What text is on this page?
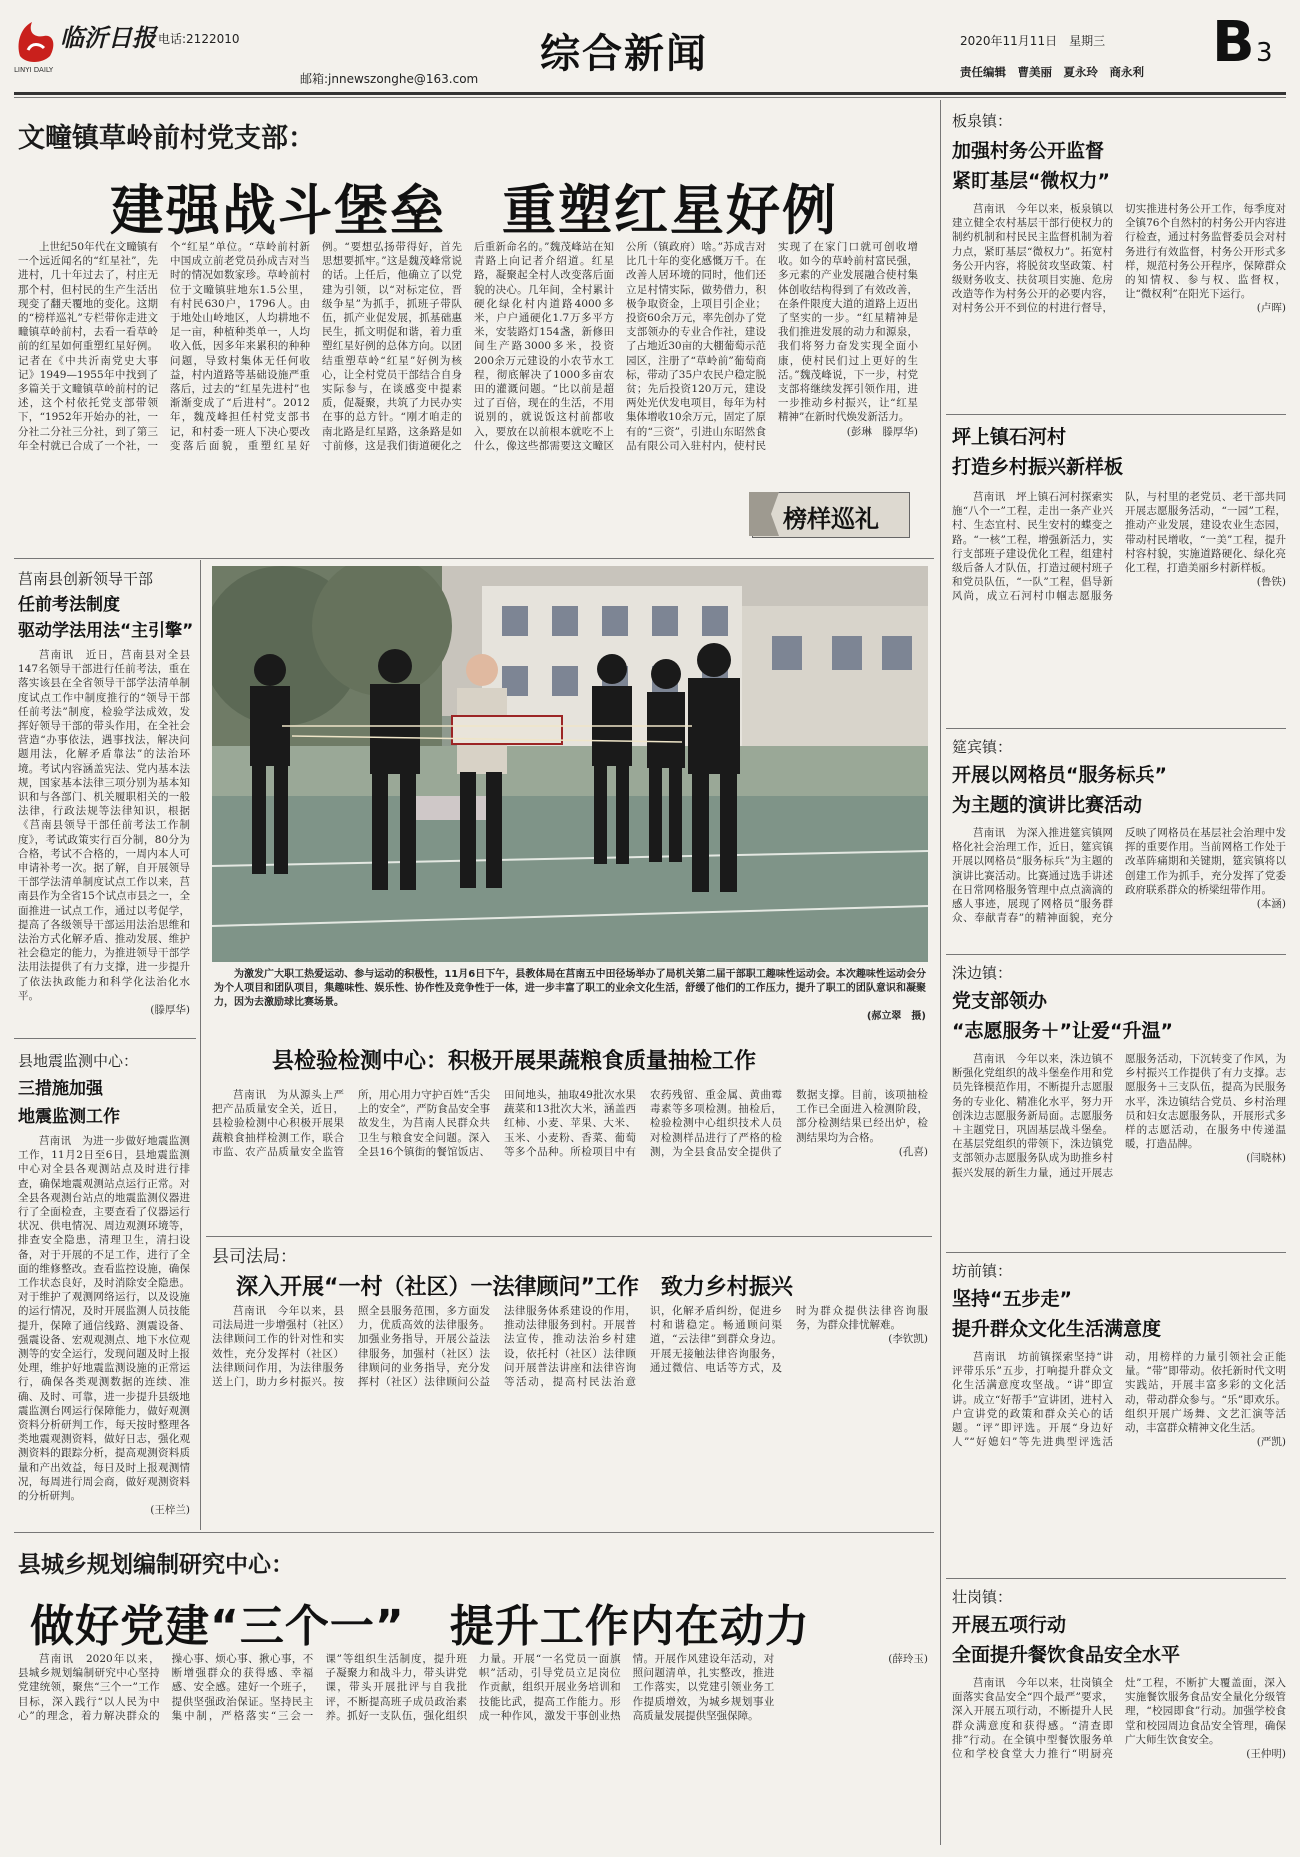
临沂日报
LINYI DAILY
电话:2122010
邮箱:jnnewszonghe@163.com
综合新闻	2020年11月11日　星期三
责任编辑　曹美丽　夏永玲　商永利 B 3
文疃镇草岭前村党支部：
建强战斗堡垒　重塑红星好例

上世纪50年代在文疃镇有一个远近闻名的“红星社”，先进村，几十年过去了，村庄无那个村，但村民的生产生活出现变了翻天覆地的变化。这期的“榜样巡礼”专栏带你走进文疃镇草岭前村，去看一看草岭前的红星如何重塑红星好例。记者在《中共沂南党史大事记》1949—1955年中找到了多篇关于文疃镇草岭前村的记述，这个村依托党支部带领下，“1952年开始办的社，一分社二分社三分社，到了第三年全村就已合成了一个社，一个“红星”单位。“草岭前村新中国成立前老党员孙成吉对当时的情况如数家珍。草岭前村位于文疃镇驻地东1.5公里，有村民630户，1796人。由于地处山岭地区，人均耕地不足一亩，种植种类单一，人均收入低，因多年来累积的种种问题，导致村集体无任何收益，村内道路等基础设施严重落后，过去的“红星先进村”也渐渐变成了“后进村”。2012年，魏茂峰担任村党支部书记，和村委一班人下决心要改变落后面貌，重塑红星好例。“要想弘扬带得好，首先思想要抓牢。”这是魏茂峰常说的话。上任后，他确立了以党建为引领，以“对标定位，晋级争星”为抓手，抓班子带队伍，抓产业促发展，抓基础惠民生，抓文明促和谐，着力重塑红星好例的总体方向。以团结重塑草岭“红星”好例为核心，让全村党员干部结合自身实际参与，在谈感变中提素质，促凝聚，共筑了力民办实在事的总方针。“刚才咱走的南北路是红星路，这条路是如寸前修，这是我们街道硬化之后重新命名的。”魏茂峰站在知青路上向记者介绍道。红星路，凝聚起全村人改变落后面貌的决心。几年间，全村累计硬化绿化村内道路4000多米，户户通硬化1.7万多平方米，安装路灯154盏，新修田间生产路3000多米，投资200余万元建设的小农节水工程，彻底解决了1000多亩农田的灌溉问题。“比以前是超过了百倍，现在的生活，不用说别的，就说饭这村前都收入，要放在以前根本就吃不上什么，像这些都需要这文疃区公所（镇政府）啥。”苏成吉对比几十年的变化感慨万千。在改善人居环境的同时，他们还立足村情实际，做势借力，积极争取资金，上项目引企业；投资60余万元，率先创办了党支部领办的专业合作社，建设了占地近30亩的大棚葡萄示范园区，注册了“草岭前”葡萄商标，带动了35户农民户稳定脱贫；先后投资120万元，建设两处光伏发电项目，每年为村集体增收10余万元，固定了原有的“三资”，引进山东昭然食品有限公司入驻村内，使村民实现了在家门口就可创收增收。如今的草岭前村富民强，多元素的产业发展融合使村集体创收结构得到了有效改善，在条件限度大道的道路上迈出了坚实的一步。“红星精神是我们推进发展的动力和源泉，我们将努力奋发实现全面小康，使村民们过上更好的生活。”魏茂峰说，下一步，村党支部将继续发挥引领作用，进一步推动乡村振兴，让“红星精神”在新时代焕发新活力。

(彭琳　滕厚华)

榜样巡礼
莒南县创新领导干部
任前考法制度
驱动学法用法“主引擎”

莒南讯　近日，莒南县对全县147名领导干部进行任前考法，重在落实该县在全省领导干部学法清单制度试点工作中制度推行的“领导干部任前考法”制度，检验学法成效，发挥好领导干部的带头作用，在全社会营造“办事依法，遇事找法，解决问题用法，化解矛盾靠法”的法治环境。考试内容涵盖宪法、党内基本法规，国家基本法律三项分别为基本知识和与各部门、机关履职相关的一般法律，行政法规等法律知识，根据《莒南县领导干部任前考法工作制度》，考试政策实行百分制，80分为合格，考试不合格的，一周内本人可申请补考一次。据了解，自开展领导干部学法清单制度试点工作以来，莒南县作为全省15个试点市县之一，全面推进一试点工作，通过以考促学，提高了各级领导干部运用法治思维和法治方式化解矛盾、推动发展、维护社会稳定的能力，为推进领导干部学法用法提供了有力支撑，进一步提升了依法执政能力和科学化法治化水平。

(滕厚华)

县地震监测中心：
三措施加强
地震监测工作

莒南讯　为进一步做好地震监测工作，11月2日至6日，县地震监测中心对全县各观测站点及时进行排查，确保地震观测站点运行正常。对全县各观测台站点的地震监测仪器进行了全面检查，主要查看了仪器运行状况、供电情况、周边观测环境等，排查安全隐患，清理卫生，清扫设备，对于开展的不足工作，进行了全面的维修整改。查看监控设施，确保工作状态良好，及时消除安全隐患。对于维护了观测网络运行，以及设施的运行情况，及时开展监测人员技能提升，保障了通信线路、测震设备、强震设备、宏观观测点、地下水位观测等的安全运行，发现问题及时上报处理，维护好地震监测设施的正常运行，确保各类观测数据的连续、准确、及时、可靠，进一步提升县级地震监测台网运行保障能力，做好观测资料分析研判工作，每天按时整理各类地震观测资料，做好日志，强化观测资料的跟踪分析，提高观测资料质量和产出效益，每日及时上报观测情况，每周进行周会商，做好观测资料的分析研判。

(王梓兰)

为激发广大职工热爱运动、参与运动的积极性，11月6日下午，县教体局在莒南五中田径场举办了局机关第二届干部职工趣味性运动会。本次趣味性运动会分为个人项目和团队项目，集趣味性、娱乐性、协作性及竞争性于一体，进一步丰富了职工的业余文化生活，舒缓了他们的工作压力，提升了职工的团队意识和凝聚力，因为去激励球比赛场景。

(郝立翠　摄)

县检验检测中心：积极开展果蔬粮食质量抽检工作

莒南讯　为从源头上严把产品质量安全关，近日，县检验检测中心积极开展果蔬粮食抽样检测工作，联合市监、农产品质量安全监管所，用心用力守护百姓“舌尖上的安全”，严防食品安全事故发生，为莒南人民群众共卫生与粮食安全问题。深入全县16个镇街的餐馆饭店、田间地头，抽取49批次水果蔬菜和13批次大米，涵盖西红柿、小麦、苹果、大米、玉米、小麦粉、香菜、葡萄等多个品种。所检项目中有农药残留、重金属、黄曲霉毒素等多项检测。抽检后，检验检测中心组织技术人员对检测样品进行了严格的检测，为全县食品安全提供了数据支撑。目前，该项抽检工作已全面进入检测阶段，部分检测结果已经出炉，检测结果均为合格。

(孔喜)

县司法局：
深入开展“一村（社区）一法律顾问”工作　致力乡村振兴

莒南讯　今年以来，县司法局进一步增强村（社区）法律顾问工作的针对性和实效性，充分发挥村（社区）法律顾问作用，为法律服务送上门，助力乡村振兴。按照全县服务范围，多方面发力，优质高效的法律服务。加强业务指导，开展公益法律服务，加强村（社区）法律顾问的业务指导，充分发挥村（社区）法律顾问公益法律服务体系建设的作用，推动法律服务到村。开展普法宣传，推动法治乡村建设，依托村（社区）法律顾问开展普法讲座和法律咨询等活动，提高村民法治意识，化解矛盾纠纷，促进乡村和谐稳定。畅通顾问渠道，“云法律”到群众身边。开展无接触法律咨询服务，通过微信、电话等方式，及时为群众提供法律咨询服务，为群众排忧解难。

(李钦凯)

县城乡规划编制研究中心：
做好党建“三个一”　提升工作内在动力

莒南讯　2020年以来，县城乡规划编制研究中心坚持党建统领，聚焦“三个一”工作目标，深入践行“以人民为中心”的理念，着力解决群众的操心事、烦心事、揪心事，不断增强群众的获得感、幸福感、安全感。建好一个班子，提供坚强政治保证。坚持民主集中制，严格落实“三会一课”等组织生活制度，提升班子凝聚力和战斗力，带头讲党课，带头开展批评与自我批评，不断提高班子成员政治素养。抓好一支队伍，强化组织力量。开展“一名党员一面旗帜”活动，引导党员立足岗位作贡献，组织开展业务培训和技能比武，提高工作能力。形成一种作风，激发干事创业热情。开展作风建设年活动，对照问题清单，扎实整改，推进工作落实，以党建引领业务工作提质增效，为城乡规划事业高质量发展提供坚强保障。

(薛玲玉)

板泉镇：
加强村务公开监督
紧盯基层“微权力”

莒南讯　今年以来，板泉镇以建立健全农村基层干部行使权力的制约机制和村民民主监督机制为着力点，紧盯基层“微权力”。拓宽村务公开内容，将脱贫攻坚政策、村级财务收支、扶贫项目实施、危房改造等作为村务公开的必要内容，对村务公开不到位的村进行督导，切实推进村务公开工作，每季度对全镇76个自然村的村务公开内容进行检查，通过村务监督委员会对村务进行有效监督，村务公开形式多样，规范村务公开程序，保障群众的知情权、参与权、监督权，让“微权利”在阳光下运行。

(卢晖)

坪上镇石河村
打造乡村振兴新样板

莒南讯　坪上镇石河村探索实施“八个一”工程，走出一条产业兴村、生态宜村、民生安村的蝶变之路。“一核”工程，增强新活力，实行支部班子建设优化工程，组建村级后备人才队伍，打造过硬村班子和党员队伍，“一队”工程，倡导新风尚，成立石河村巾帼志愿服务队，与村里的老党员、老干部共同开展志愿服务活动，“一园”工程，推动产业发展，建设农业生态园，带动村民增收，“一美”工程，提升村容村貌，实施道路硬化、绿化亮化工程，打造美丽乡村新样板。

(鲁铁)

筵宾镇：
开展以网格员“服务标兵”
为主题的演讲比赛活动

莒南讯　为深入推进筵宾镇网格化社会治理工作，近日，筵宾镇开展以网格员“服务标兵”为主题的演讲比赛活动。比赛通过选手讲述在日常网格服务管理中点点滴滴的感人事迹，展现了网格员“服务群众、奉献青春”的精神面貌，充分反映了网格员在基层社会治理中发挥的重要作用。当前网格工作处于改革阵痛期和关键期，筵宾镇将以创建工作为抓手，充分发挥了党委政府联系群众的桥梁纽带作用。

(本涵)

洙边镇：
党支部领办
“志愿服务＋”让爱“升温”

莒南讯　今年以来，洙边镇不断强化党组织的战斗堡垒作用和党员先锋模范作用，不断提升志愿服务的专业化、精准化水平，努力开创洙边志愿服务新局面。志愿服务＋主题党日，巩固基层战斗堡垒。在基层党组织的带领下，洙边镇党支部领办志愿服务队成为助推乡村振兴发展的新生力量，通过开展志愿服务活动，下沉转变了作风，为乡村振兴工作提供了有力支撑。志愿服务＋三支队伍，提高为民服务水平，洙边镇结合党员、乡村治理员和妇女志愿服务队，开展形式多样的志愿活动，在服务中传递温暖，打造品牌。

(闫晓林)

坊前镇：
坚持“五步走”
提升群众文化生活满意度

莒南讯　坊前镇探索坚持“讲评带乐乐”五步，打响提升群众文化生活满意度攻坚战。“讲”即宣讲。成立“好帮手”宣讲团，进村入户宣讲党的政策和群众关心的话题。“评”即评选。开展“身边好人”“好媳妇”等先进典型评选活动，用榜样的力量引领社会正能量。“带”即带动。依托新时代文明实践站，开展丰富多彩的文化活动，带动群众参与。“乐”即欢乐。组织开展广场舞、文艺汇演等活动，丰富群众精神文化生活。

(严凯)

壮岗镇：
开展五项行动
全面提升餐饮食品安全水平

莒南讯　今年以来，壮岗镇全面落实食品安全“四个最严”要求，深入开展五项行动，不断提升人民群众满意度和获得感。“清查即排”行动。在全镇中型餐饮服务单位和学校食堂大力推行“明厨亮灶”工程，不断扩大覆盖面，深入实施餐饮服务食品安全量化分级管理，“校园即食”行动。加强学校食堂和校园周边食品安全管理，确保广大师生饮食安全。

(王仲明)
